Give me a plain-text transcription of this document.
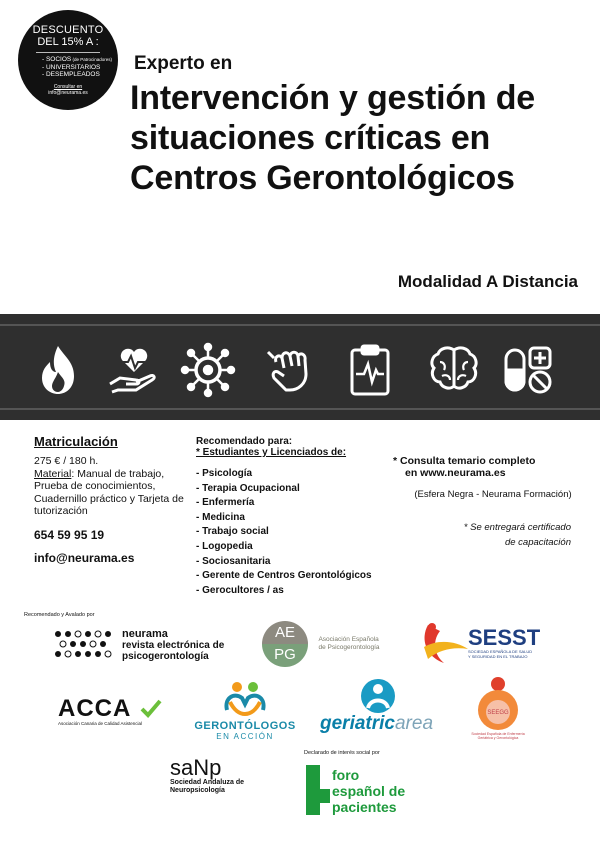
DESCUENTO
DEL 15% A :
- SOCIOS (de Patrocinadores)
- UNIVERSITARIOS
- DESEMPLEADOS
Consultar en
info@neurama.es
Experto en
Intervención y gestión de situaciones críticas en Centros Gerontológicos
Modalidad A Distancia
Matriculación
275 € / 180 h.
Material: Manual de trabajo, Prueba de conocimientos, Cuadernillo práctico y Tarjeta de tutorización
654 59 95 19
info@neurama.es
Recomendado para:
* Estudiantes y Licenciados de:
- Psicología
- Terapia Ocupacional
- Enfermería
- Medicina
- Trabajo social
- Logopedia
- Sociosanitaria
- Gerente de Centros Gerontológicos
- Gerocultores / as
* Consulta temario completo
en www.neurama.es
(Esfera Negra - Neurama Formación)
* Se entregará certificado
de capacitación
Recomendado y Avalado por
neurama
revista electrónica de
psicogerontología
AE
PG

Asociación Española
de Psicogerontología	SESST
SOCIEDAD ESPAÑOLA DE SALUD
Y SEGURIDAD EN EL TRABAJO
ACCA
Asociación Canaria de Calidad Asistencial	GERONTÓLOGOS
EN ACCIÓN
geriatricarea	SEEGG
Sociedad Española de Enfermería
Geriátrica y Gerontológica
Declarado de interés social por
saNp
Sociedad Andaluza de
Neuropsicología
foro
español de
pacientes
